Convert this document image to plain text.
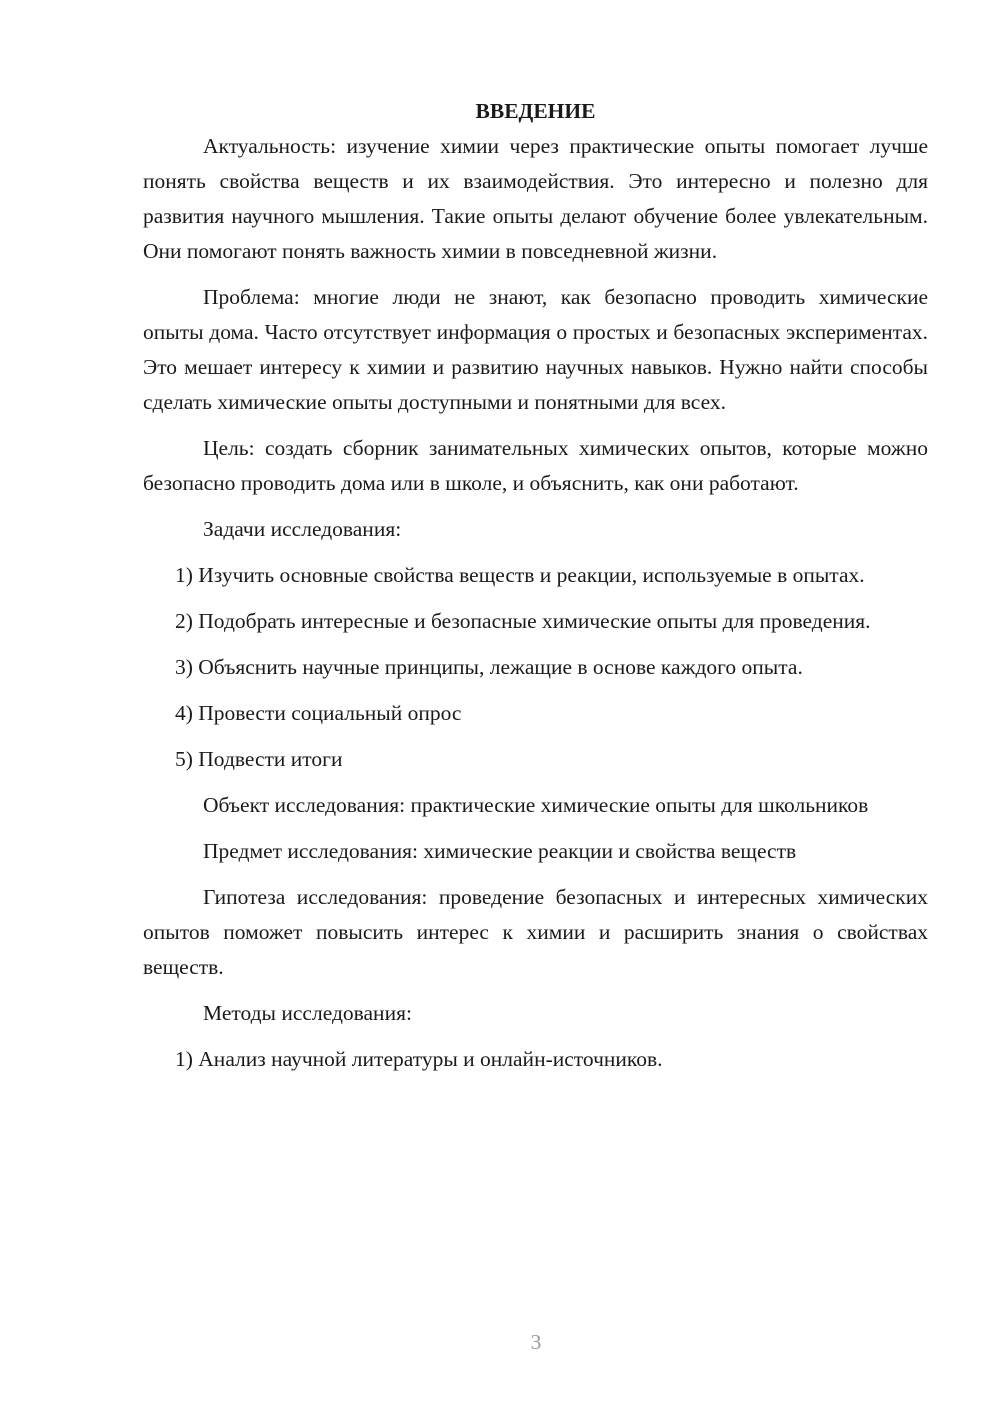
ВВЕДЕНИЕ

Актуальность: изучение химии через практические опыты помогает лучше понять свойства веществ и их взаимодействия. Это интересно и полезно для развития научного мышления. Такие опыты делают обучение более увлекательным. Они помогают понять важность химии в повседневной жизни.

Проблема: многие люди не знают, как безопасно проводить химические опыты дома. Часто отсутствует информация о простых и безопасных экспериментах. Это мешает интересу к химии и развитию научных навыков. Нужно найти способы сделать химические опыты доступными и понятными для всех.

Цель: создать сборник занимательных химических опытов, которые можно безопасно проводить дома или в школе, и объяснить, как они работают.

Задачи исследования:

1) Изучить основные свойства веществ и реакции, используемые в опытах.

2) Подобрать интересные и безопасные химические опыты для проведения.

3) Объяснить научные принципы, лежащие в основе каждого опыта.

4) Провести социальный опрос

5) Подвести итоги

Объект исследования: практические химические опыты для школьников

Предмет исследования: химические реакции и свойства веществ

Гипотеза исследования: проведение безопасных и интересных химических опытов поможет повысить интерес к химии и расширить знания о свойствах веществ.

Методы исследования:

1) Анализ научной литературы и онлайн-источников.

3
